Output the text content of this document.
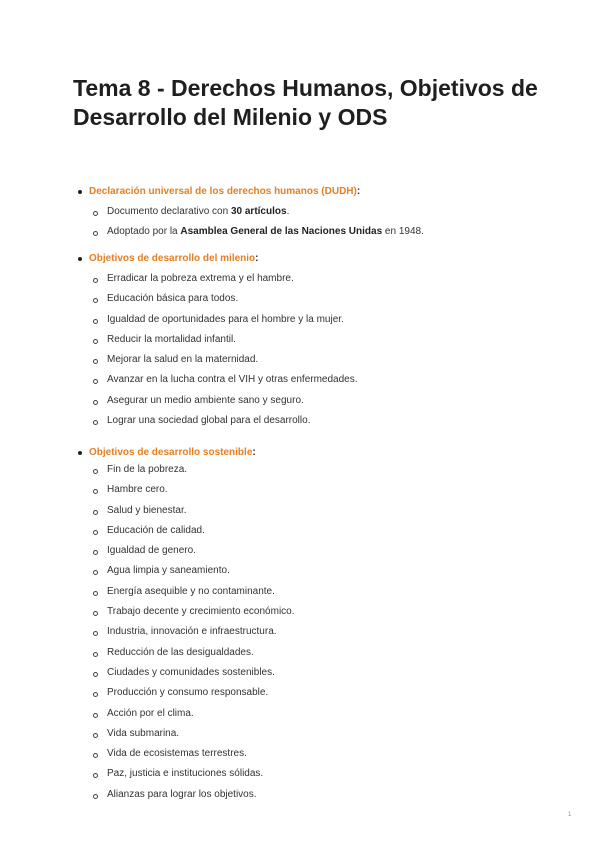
Tema 8 - Derechos Humanos, Objetivos de Desarrollo del Milenio y ODS
Declaración universal de los derechos humanos (DUDH):
Documento declarativo con 30 artículos.
Adoptado por la Asamblea General de las Naciones Unidas en 1948.
Objetivos de desarrollo del milenio:
Erradicar la pobreza extrema y el hambre.
Educación básica para todos.
Igualdad de oportunidades para el hombre y la mujer.
Reducir la mortalidad infantil.
Mejorar la salud en la maternidad.
Avanzar en la lucha contra el VIH y otras enfermedades.
Asegurar un medio ambiente sano y seguro.
Lograr una sociedad global para el desarrollo.
Objetivos de desarrollo sostenible:
Fin de la pobreza.
Hambre cero.
Salud y bienestar.
Educación de calidad.
Igualdad de genero.
Agua limpia y saneamiento.
Energía asequible y no contaminante.
Trabajo decente y crecimiento económico.
Industria, innovación e infraestructura.
Reducción de las desigualdades.
Ciudades y comunidades sostenibles.
Producción y consumo responsable.
Acción por el clima.
Vida submarina.
Vida de ecosistemas terrestres.
Paz, justicia e instituciones sólidas.
Alianzas para lograr los objetivos.
1
